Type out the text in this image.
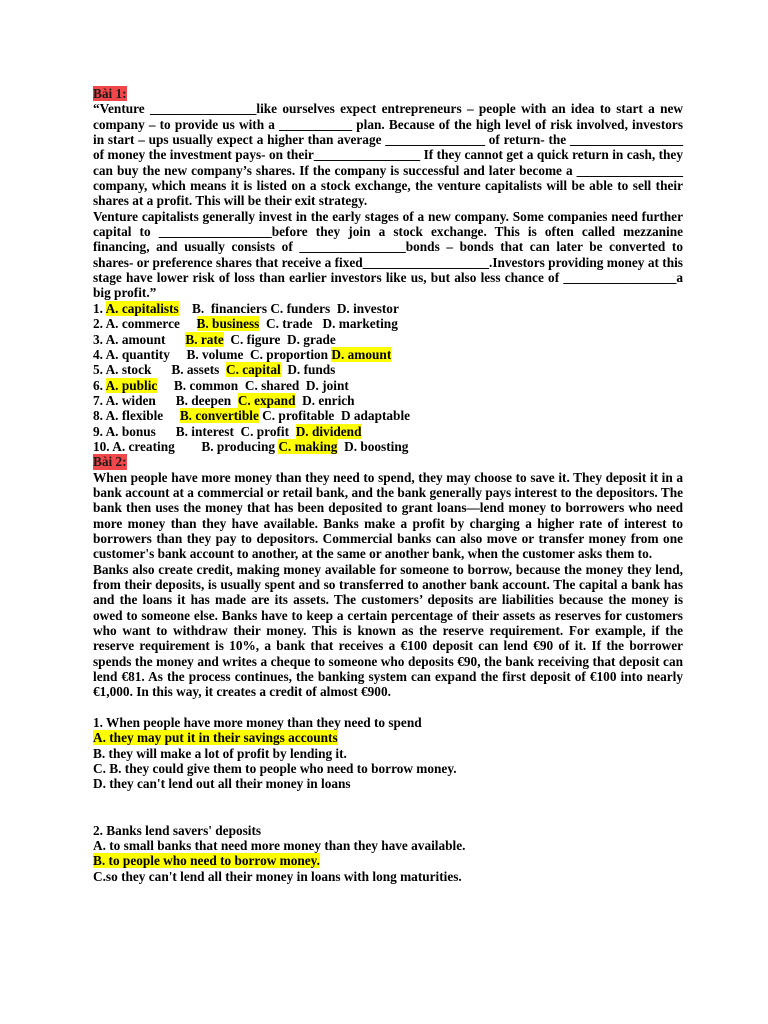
Bài 1:

“Venture ________________like ourselves expect entrepreneurs – people with an idea to start a new company – to provide us with a ___________ plan. Because of the high level of risk involved, investors in start – ups usually expect a higher than average _______________ of return- the _________________ of money the investment pays- on their________________ If they cannot get a quick return in cash, they can buy the new company’s shares. If the company is successful and later become a ________________ company, which means it is listed on a stock exchange, the venture capitalists will be able to sell their shares at a profit. This will be their exit strategy.

Venture capitalists generally invest in the early stages of a new company. Some companies need further capital to _________________before they join a stock exchange. This is often called mezzanine financing, and usually consists of ________________bonds – bonds that can later be converted to shares- or preference shares that receive a fixed___________________.Investors providing money at this stage have lower risk of loss than earlier investors like us, but also less chance of _________________a big profit.”

1. A. capitalists    B.  financiers C. funders  D. investor

2. A. commerce     B. business  C. trade   D. marketing

3. A. amount      B. rate  C. figure  D. grade

4. A. quantity     B. volume  C. proportion D. amount

5. A. stock      B. assets  C. capital  D. funds

6. A. public     B. common  C. shared  D. joint

7. A. widen      B. deepen  C. expand  D. enrich

8. A. flexible     B. convertible C. profitable  D adaptable

9. A. bonus      B. interest  C. profit  D. dividend

10. A. creating        B. producing C. making  D. boosting

Bài 2:

When people have more money than they need to spend, they may choose to save it. They deposit it in a bank account at a commercial or retail bank, and the bank generally pays interest to the depositors. The bank then uses the money that has been deposited to grant loans—lend money to borrowers who need more money than they have available. Banks make a profit by charging a higher rate of interest to borrowers than they pay to depositors. Commercial banks can also move or transfer money from one customer's bank account to another, at the same or another bank, when the customer asks them to.

Banks also create credit, making money available for someone to borrow, because the money they lend, from their deposits, is usually spent and so transferred to another bank account. The capital a bank has and the loans it has made are its assets. The customers’ deposits are liabilities because the money is owed to someone else. Banks have to keep a certain percentage of their assets as reserves for customers who want to withdraw their money. This is known as the reserve requirement. For example, if the reserve requirement is 10%, a bank that receives a €100 deposit can lend €90 of it. If the borrower spends the money and writes a cheque to someone who deposits €90, the bank receiving that deposit can lend €81. As the process continues, the banking system can expand the first deposit of €100 into nearly €1,000. In this way, it creates a credit of almost €900.

1. When people have more money than they need to spend

A. they may put it in their savings accounts

B. they will make a lot of profit by lending it.

C. B. they could give them to people who need to borrow money.

D. they can't lend out all their money in loans

2. Banks lend savers' deposits

A. to small banks that need more money than they have available.

B. to people who need to borrow money.

C.so they can't lend all their money in loans with long maturities.
